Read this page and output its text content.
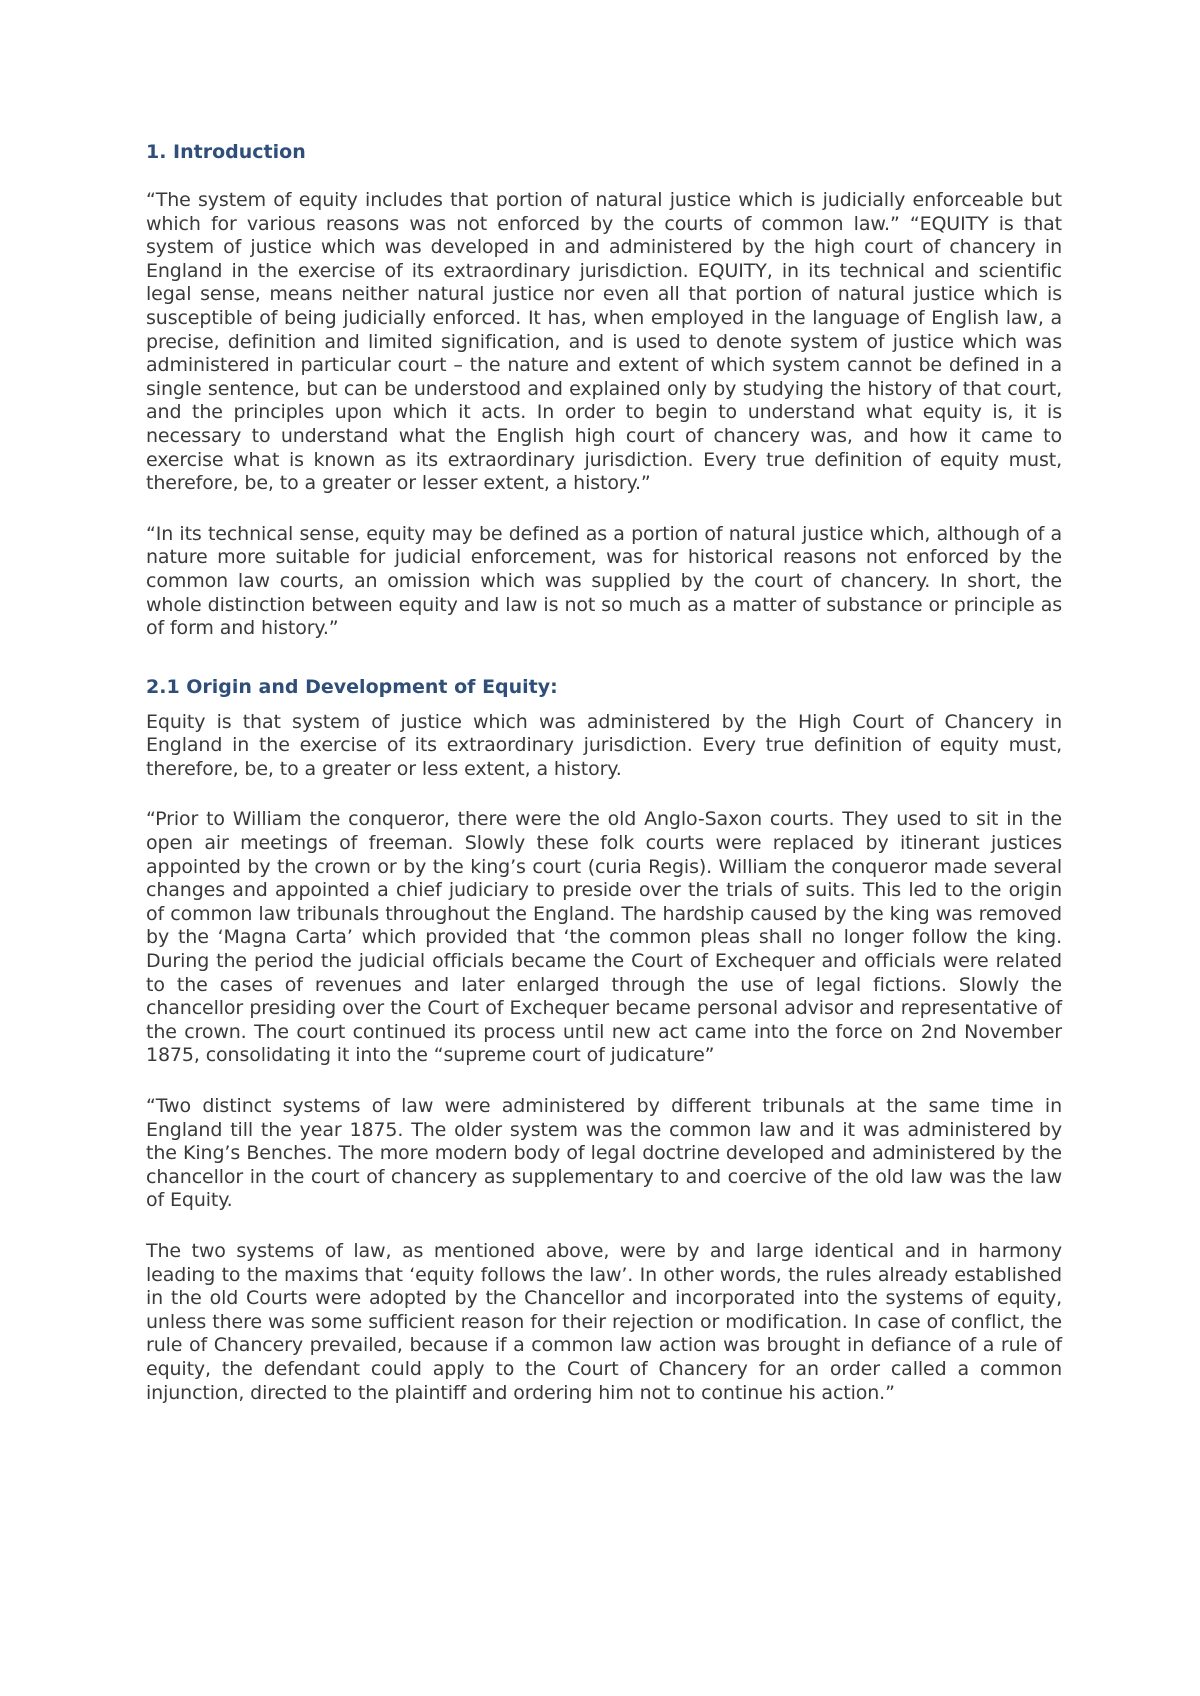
1. Introduction

“The system of equity includes that portion of natural justice which is judicially enforceable but which for various reasons was not enforced by the courts of common law.” “EQUITY is that system of justice which was developed in and administered by the high court of chancery in England in the exercise of its extraordinary jurisdiction. EQUITY, in its technical and scientific legal sense, means neither natural justice nor even all that portion of natural justice which is susceptible of being judicially enforced. It has, when employed in the language of English law, a precise, definition and limited signification, and is used to denote system of justice which was administered in particular court – the nature and extent of which system cannot be defined in a single sentence, but can be understood and explained only by studying the history of that court, and the principles upon which it acts. In order to begin to understand what equity is, it is necessary to understand what the English high court of chancery was, and how it came to exercise what is known as its extraordinary jurisdiction. Every true definition of equity must, therefore, be, to a greater or lesser extent, a history.”

“In its technical sense, equity may be defined as a portion of natural justice which, although of a nature more suitable for judicial enforcement, was for historical reasons not enforced by the common law courts, an omission which was supplied by the court of chancery. In short, the whole distinction between equity and law is not so much as a matter of substance or principle as of form and history.”

2.1 Origin and Development of Equity:

Equity is that system of justice which was administered by the High Court of Chancery in England in the exercise of its extraordinary jurisdiction. Every true definition of equity must, therefore, be, to a greater or less extent, a history.

“Prior to William the conqueror, there were the old Anglo-Saxon courts. They used to sit in the open air meetings of freeman. Slowly these folk courts were replaced by itinerant justices appointed by the crown or by the king’s court (curia Regis). William the conqueror made several changes and appointed a chief judiciary to preside over the trials of suits. This led to the origin of common law tribunals throughout the England. The hardship caused by the king was removed by the ‘Magna Carta’ which provided that ‘the common pleas shall no longer follow the king. During the period the judicial officials became the Court of Exchequer and officials were related to the cases of revenues and later enlarged through the use of legal fictions. Slowly the chancellor presiding over the Court of Exchequer became personal advisor and representative of the crown. The court continued its process until new act came into the force on 2nd November 1875, consolidating it into the “supreme court of judicature”

“Two distinct systems of law were administered by different tribunals at the same time in England till the year 1875. The older system was the common law and it was administered by the King’s Benches. The more modern body of legal doctrine developed and administered by the chancellor in the court of chancery as supplementary to and coercive of the old law was the law of Equity.

The two systems of law, as mentioned above, were by and large identical and in harmony leading to the maxims that ‘equity follows the law’. In other words, the rules already established in the old Courts were adopted by the Chancellor and incorporated into the systems of equity, unless there was some sufficient reason for their rejection or modification. In case of conflict, the rule of Chancery prevailed, because if a common law action was brought in defiance of a rule of equity, the defendant could apply to the Court of Chancery for an order called a common injunction, directed to the plaintiff and ordering him not to continue his action.”
